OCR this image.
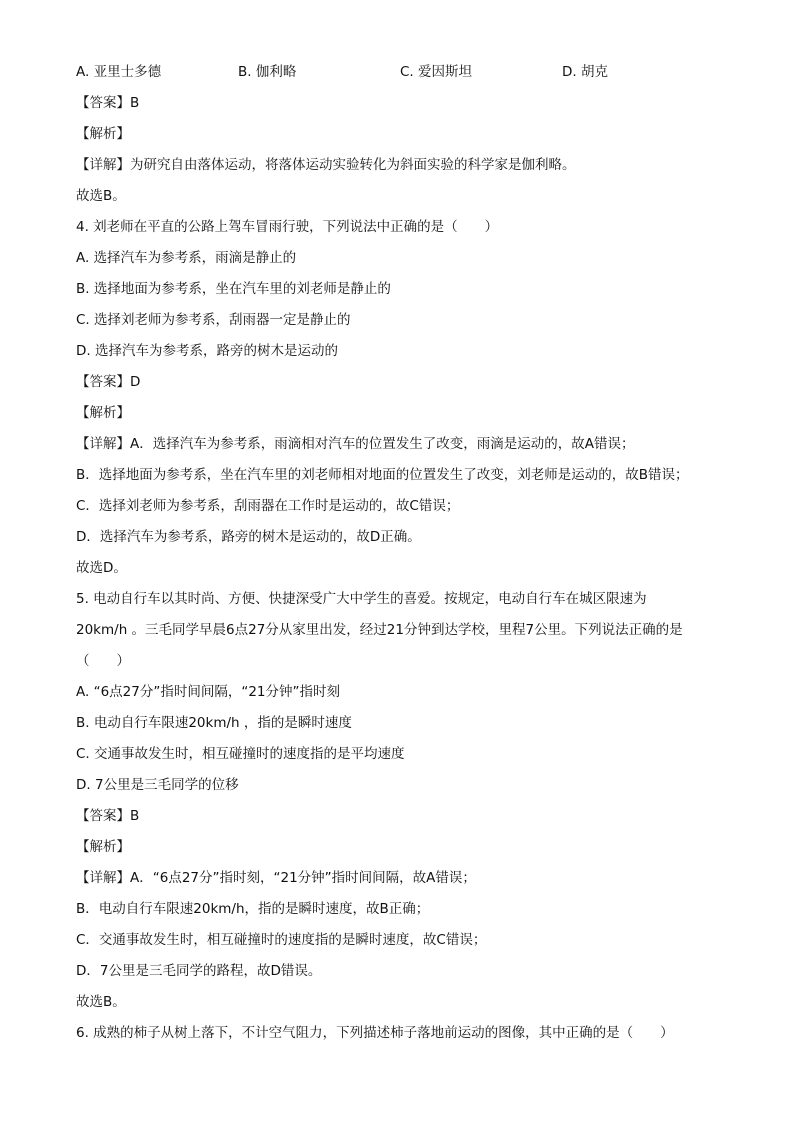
A. 亚里士多德	B. 伽利略	C. 爱因斯坦	D. 胡克
【答案】B
【解析】
【详解】为研究自由落体运动，将落体运动实验转化为斜面实验的科学家是伽利略。
故选B。
4. 刘老师在平直的公路上驾车冒雨行驶，下列说法中正确的是（　　）
A. 选择汽车为参考系，雨滴是静止的
B. 选择地面为参考系，坐在汽车里的刘老师是静止的
C. 选择刘老师为参考系，刮雨器一定是静止的
D. 选择汽车为参考系，路旁的树木是运动的
【答案】D
【解析】
【详解】A．选择汽车为参考系，雨滴相对汽车的位置发生了改变，雨滴是运动的，故A错误；
B．选择地面为参考系，坐在汽车里的刘老师相对地面的位置发生了改变，刘老师是运动的，故B错误；
C．选择刘老师为参考系，刮雨器在工作时是运动的，故C错误；
D．选择汽车为参考系，路旁的树木是运动的，故D正确。
故选D。
5. 电动自行车以其时尚、方便、快捷深受广大中学生的喜爱。按规定，电动自行车在城区限速为
20km/h 。三毛同学早晨6点27分从家里出发，经过21分钟到达学校，里程7公里。下列说法正确的是
（　　）
A. “6点27分”指时间间隔，“21分钟”指时刻
B. 电动自行车限速20km/h ，指的是瞬时速度
C. 交通事故发生时，相互碰撞时的速度指的是平均速度
D. 7公里是三毛同学的位移
【答案】B
【解析】
【详解】A．“6点27分”指时刻，“21分钟”指时间间隔，故A错误；
B．电动自行车限速20km/h，指的是瞬时速度，故B正确；
C．交通事故发生时，相互碰撞时的速度指的是瞬时速度，故C错误；
D．7公里是三毛同学的路程，故D错误。
故选B。
6. 成熟的柿子从树上落下，不计空气阻力，下列描述柿子落地前运动的图像，其中正确的是（　　）
